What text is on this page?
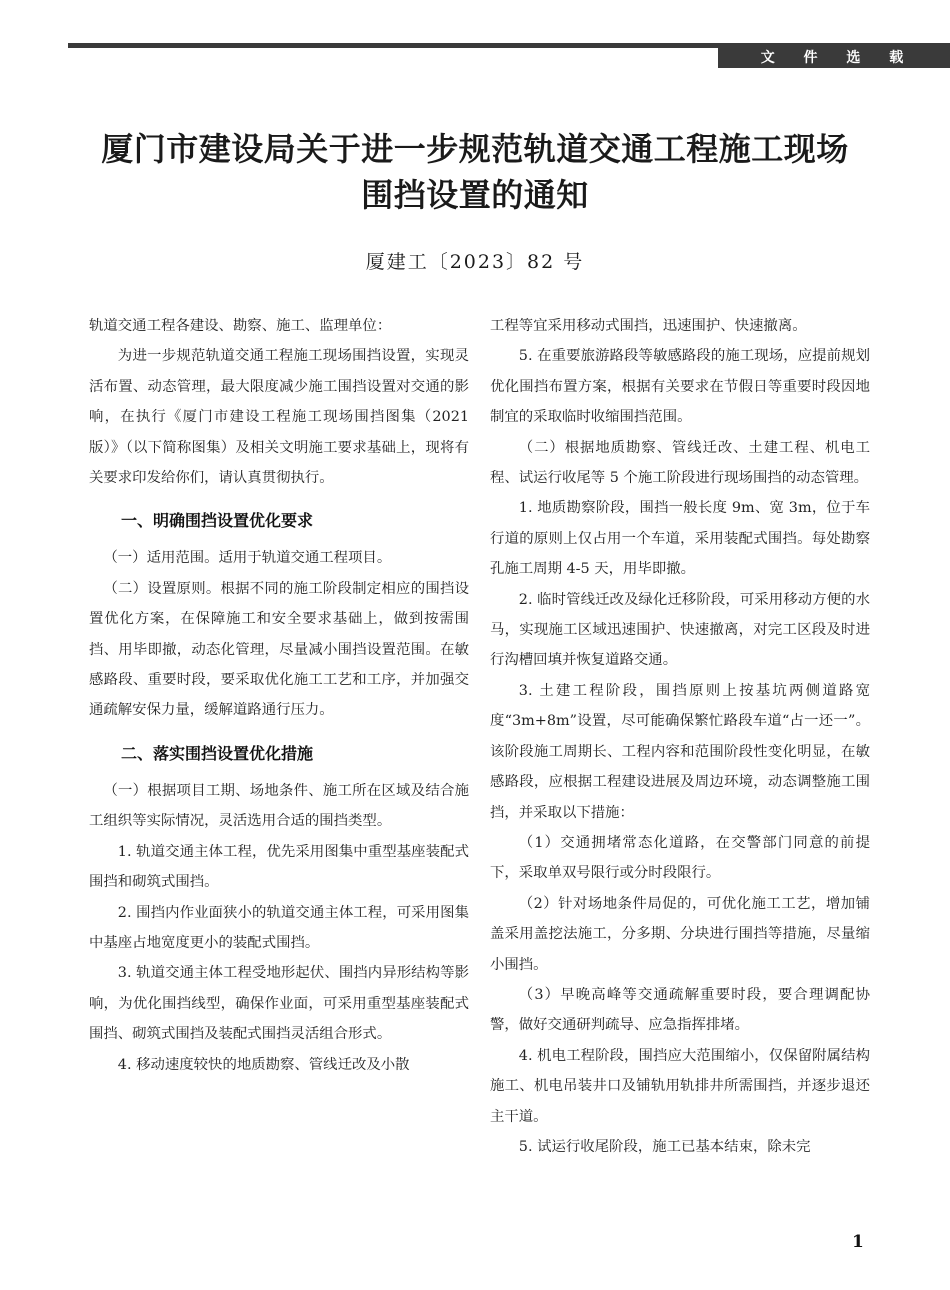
文 件 选 载
厦门市建设局关于进一步规范轨道交通工程施工现场
围挡设置的通知
厦建工〔2023〕82 号

轨道交通工程各建设、勘察、施工、监理单位：

为进一步规范轨道交通工程施工现场围挡设置，实现灵活布置、动态管理，最大限度减少施工围挡设置对交通的影响，在执行《厦门市建设工程施工现场围挡图集（2021 版）》（以下简称图集）及相关文明施工要求基础上，现将有关要求印发给你们，请认真贯彻执行。

一、明确围挡设置优化要求

（一）适用范围。适用于轨道交通工程项目。

（二）设置原则。根据不同的施工阶段制定相应的围挡设置优化方案，在保障施工和安全要求基础上，做到按需围挡、用毕即撤，动态化管理，尽量减小围挡设置范围。在敏感路段、重要时段，要采取优化施工工艺和工序，并加强交通疏解安保力量，缓解道路通行压力。

二、落实围挡设置优化措施

（一）根据项目工期、场地条件、施工所在区域及结合施工组织等实际情况，灵活选用合适的围挡类型。

1. 轨道交通主体工程，优先采用图集中重型基座装配式围挡和砌筑式围挡。

2. 围挡内作业面狭小的轨道交通主体工程，可采用图集中基座占地宽度更小的装配式围挡。

3. 轨道交通主体工程受地形起伏、围挡内异形结构等影响，为优化围挡线型，确保作业面，可采用重型基座装配式围挡、砌筑式围挡及装配式围挡灵活组合形式。

4. 移动速度较快的地质勘察、管线迁改及小散

工程等宜采用移动式围挡，迅速围护、快速撤离。

5. 在重要旅游路段等敏感路段的施工现场，应提前规划优化围挡布置方案，根据有关要求在节假日等重要时段因地制宜的采取临时收缩围挡范围。

（二）根据地质勘察、管线迁改、土建工程、机电工程、试运行收尾等 5 个施工阶段进行现场围挡的动态管理。

1. 地质勘察阶段，围挡一般长度 9m、宽 3m，位于车行道的原则上仅占用一个车道，采用装配式围挡。每处勘察孔施工周期 4-5 天，用毕即撤。

2. 临时管线迁改及绿化迁移阶段，可采用移动方便的水马，实现施工区域迅速围护、快速撤离，对完工区段及时进行沟槽回填并恢复道路交通。

3. 土建工程阶段，围挡原则上按基坑两侧道路宽度“3m+8m”设置，尽可能确保繁忙路段车道“占一还一”。该阶段施工周期长、工程内容和范围阶段性变化明显，在敏感路段，应根据工程建设进展及周边环境，动态调整施工围挡，并采取以下措施：

（1）交通拥堵常态化道路，在交警部门同意的前提下，采取单双号限行或分时段限行。

（2）针对场地条件局促的，可优化施工工艺，增加铺盖采用盖挖法施工，分多期、分块进行围挡等措施，尽量缩小围挡。

（3）早晚高峰等交通疏解重要时段，要合理调配协警，做好交通研判疏导、应急指挥排堵。

4. 机电工程阶段，围挡应大范围缩小，仅保留附属结构施工、机电吊装井口及铺轨用轨排井所需围挡，并逐步退还主干道。

5. 试运行收尾阶段，施工已基本结束，除未完

1
